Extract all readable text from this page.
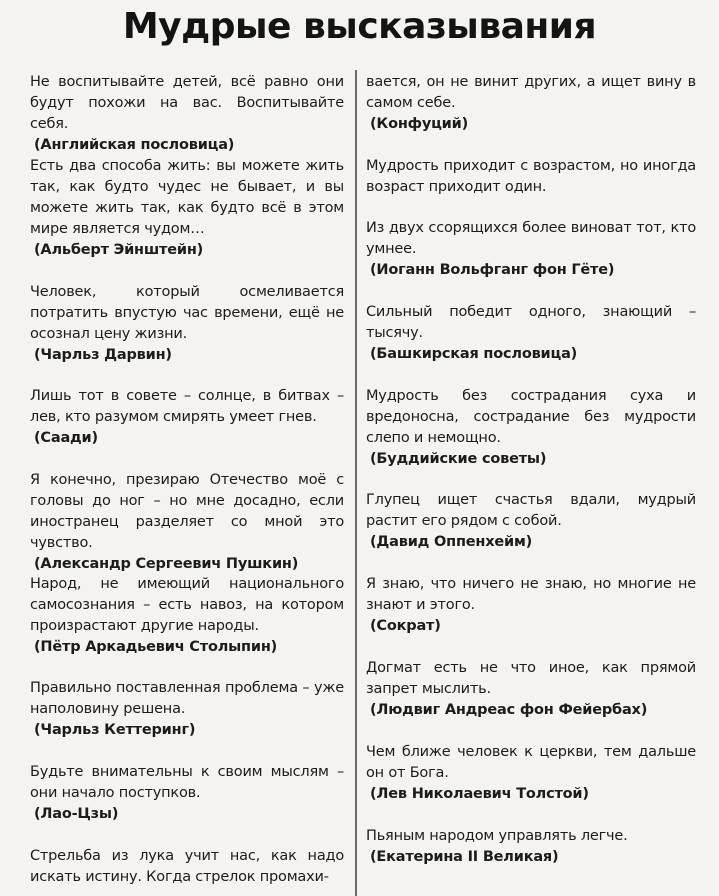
Мудрые высказывания
Не воспитывайте детей, всё равно они будут похожи на вас. Воспитывайте себя.
(Английская пословица)
Есть два способа жить: вы можете жить так, как будто чудес не бывает, и вы можете жить так, как будто всё в этом мире является чудом…
(Альберт Эйнштейн)
Человек, который осмеливается потратить впустую час времени, ещё не осознал цену жизни.
(Чарльз Дарвин)
Лишь тот в совете – солнце, в битвах – лев, кто разумом смирять умеет гнев.
(Саади)
Я конечно, презираю Отечество моё с головы до ног – но мне досадно, если иностранец разделяет со мной это чувство.
(Александр Сергеевич Пушкин)
Народ, не имеющий национального самосознания – есть навоз, на котором произрастают другие народы.
(Пётр Аркадьевич Столыпин)
Правильно поставленная проблема – уже наполовину решена.
(Чарльз Кеттеринг)
Будьте внимательны к своим мыслям – они начало поступков.
(Лао-Цзы)
Стрельба из лука учит нас, как надо искать истину. Когда стрелок промахи-
вается, он не винит других, а ищет вину в самом себе.
(Конфуций)
Мудрость приходит с возрастом, но иногда возраст приходит один.
Из двух ссорящихся более виноват тот, кто умнее.
(Иоганн Вольфганг фон Гёте)
Сильный победит одного, знающий – тысячу.
(Башкирская пословица)
Мудрость без сострадания суха и вредоносна, сострадание без мудрости слепо и немощно.
(Буддийские советы)
Глупец ищет счастья вдали, мудрый растит его рядом с собой.
(Давид Оппенхейм)
Я знаю, что ничего не знаю, но многие не знают и этого.
(Сократ)
Догмат есть не что иное, как прямой запрет мыслить.
(Людвиг Андреас фон Фейербах)
Чем ближе человек к церкви, тем дальше он от Бога.
(Лев Николаевич Толстой)
Пьяным народом управлять легче.
(Екатерина II Великая)
